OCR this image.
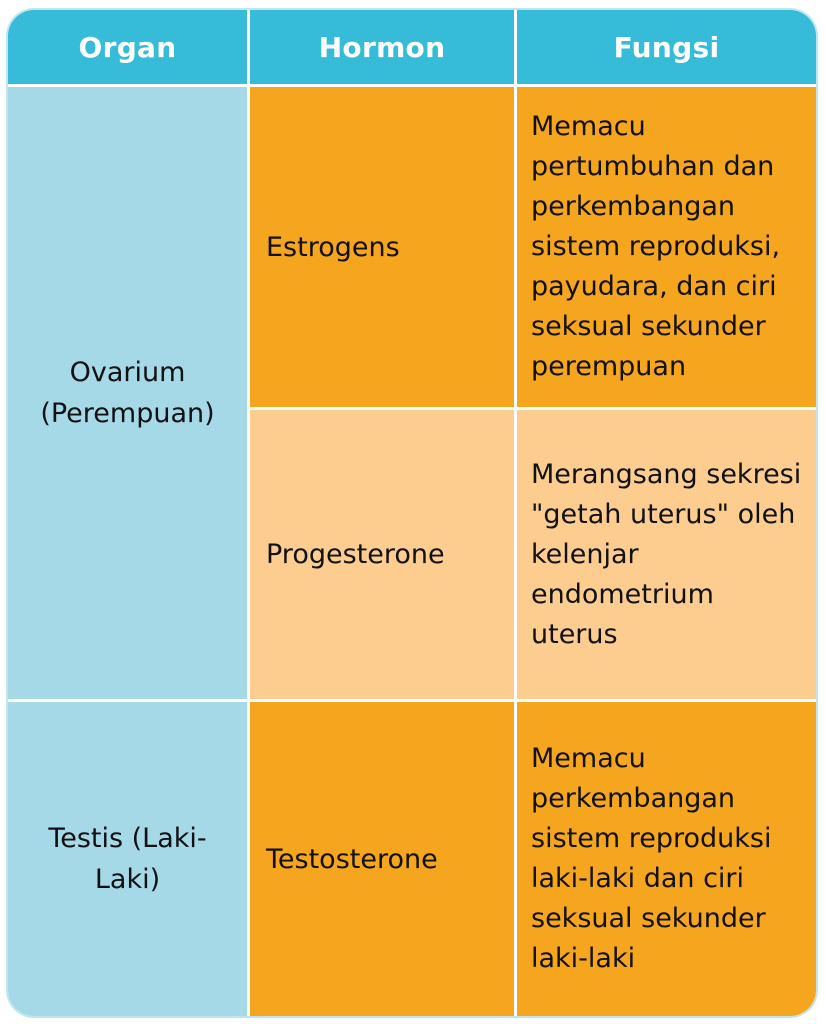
Organ	Hormon	Fungsi
Ovarium (Perempuan)
Estrogens
Memacu pertumbuhan dan perkembangan sistem reproduksi, payudara, dan ciri seksual sekunder perempuan
Progesterone
Merangsang sekresi "getah uterus" oleh kelenjar endometrium uterus
Testis (Laki-Laki)
Testosterone
Memacu perkembangan sistem reproduksi laki-laki dan ciri seksual sekunder laki-laki
